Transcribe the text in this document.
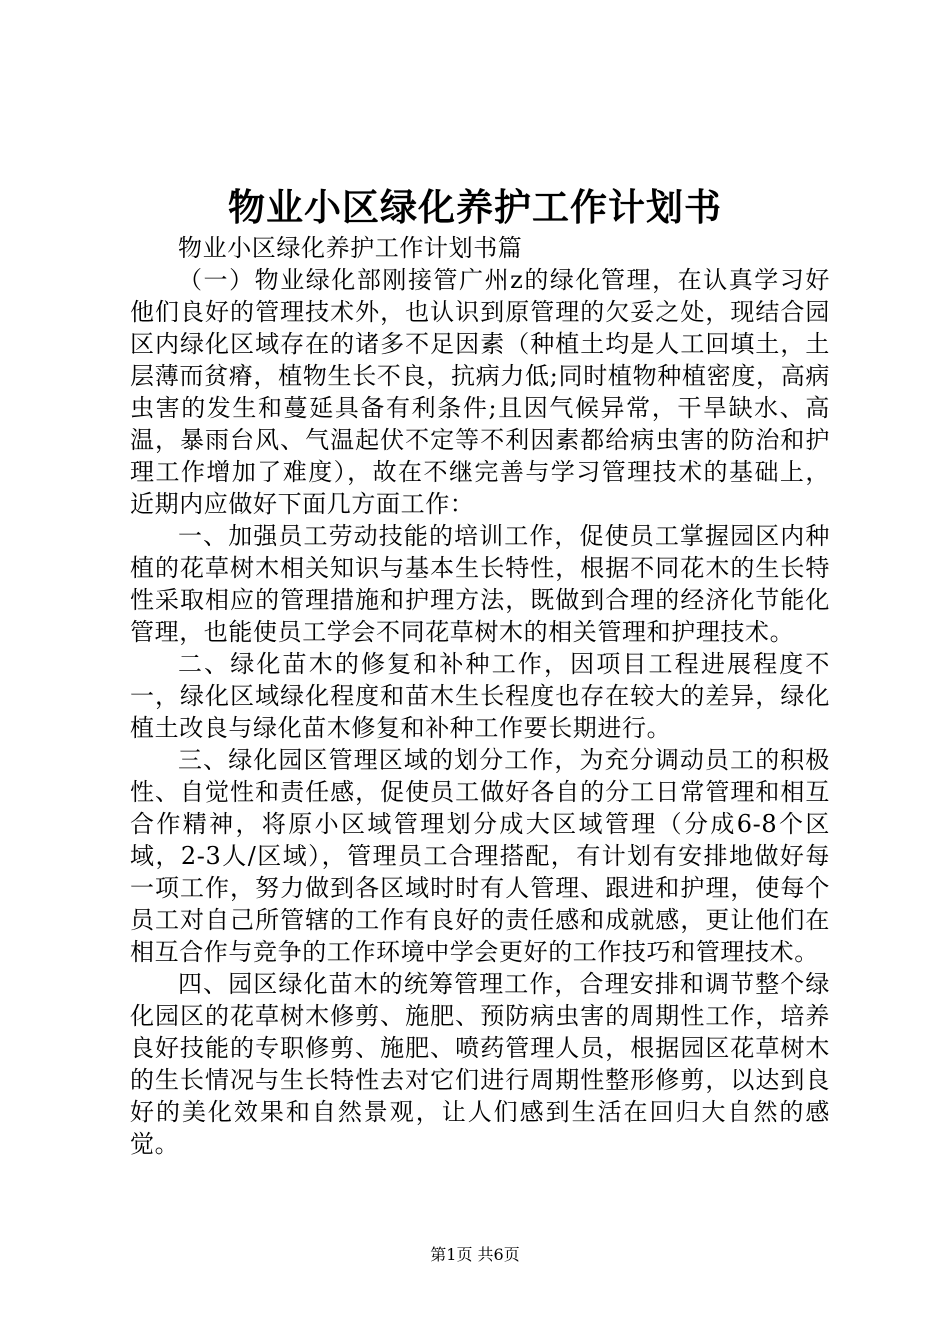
物业小区绿化养护工作计划书

物业小区绿化养护工作计划书篇

（一）物业绿化部刚接管广州z的绿化管理，在认真学习好他们良好的管理技术外，也认识到原管理的欠妥之处，现结合园区内绿化区域存在的诸多不足因素（种植土均是人工回填土，土层薄而贫瘠，植物生长不良，抗病力低;同时植物种植密度，高病虫害的发生和蔓延具备有利条件;且因气候异常，干旱缺水、高温，暴雨台风、气温起伏不定等不利因素都给病虫害的防治和护理工作增加了难度），故在不继完善与学习管理技术的基础上，近期内应做好下面几方面工作：

一、加强员工劳动技能的培训工作，促使员工掌握园区内种植的花草树木相关知识与基本生长特性，根据不同花木的生长特性采取相应的管理措施和护理方法，既做到合理的经济化节能化管理，也能使员工学会不同花草树木的相关管理和护理技术。

二、绿化苗木的修复和补种工作，因项目工程进展程度不一，绿化区域绿化程度和苗木生长程度也存在较大的差异，绿化植土改良与绿化苗木修复和补种工作要长期进行。

三、绿化园区管理区域的划分工作，为充分调动员工的积极性、自觉性和责任感，促使员工做好各自的分工日常管理和相互合作精神，将原小区域管理划分成大区域管理（分成6-8个区域，2-3人/区域），管理员工合理搭配，有计划有安排地做好每一项工作，努力做到各区域时时有人管理、跟进和护理，使每个员工对自己所管辖的工作有良好的责任感和成就感，更让他们在相互合作与竞争的工作环境中学会更好的工作技巧和管理技术。

四、园区绿化苗木的统筹管理工作，合理安排和调节整个绿化园区的花草树木修剪、施肥、预防病虫害的周期性工作，培养良好技能的专职修剪、施肥、喷药管理人员，根据园区花草树木的生长情况与生长特性去对它们进行周期性整形修剪，以达到良好的美化效果和自然景观，让人们感到生活在回归大自然的感觉。

第1页 共6页
